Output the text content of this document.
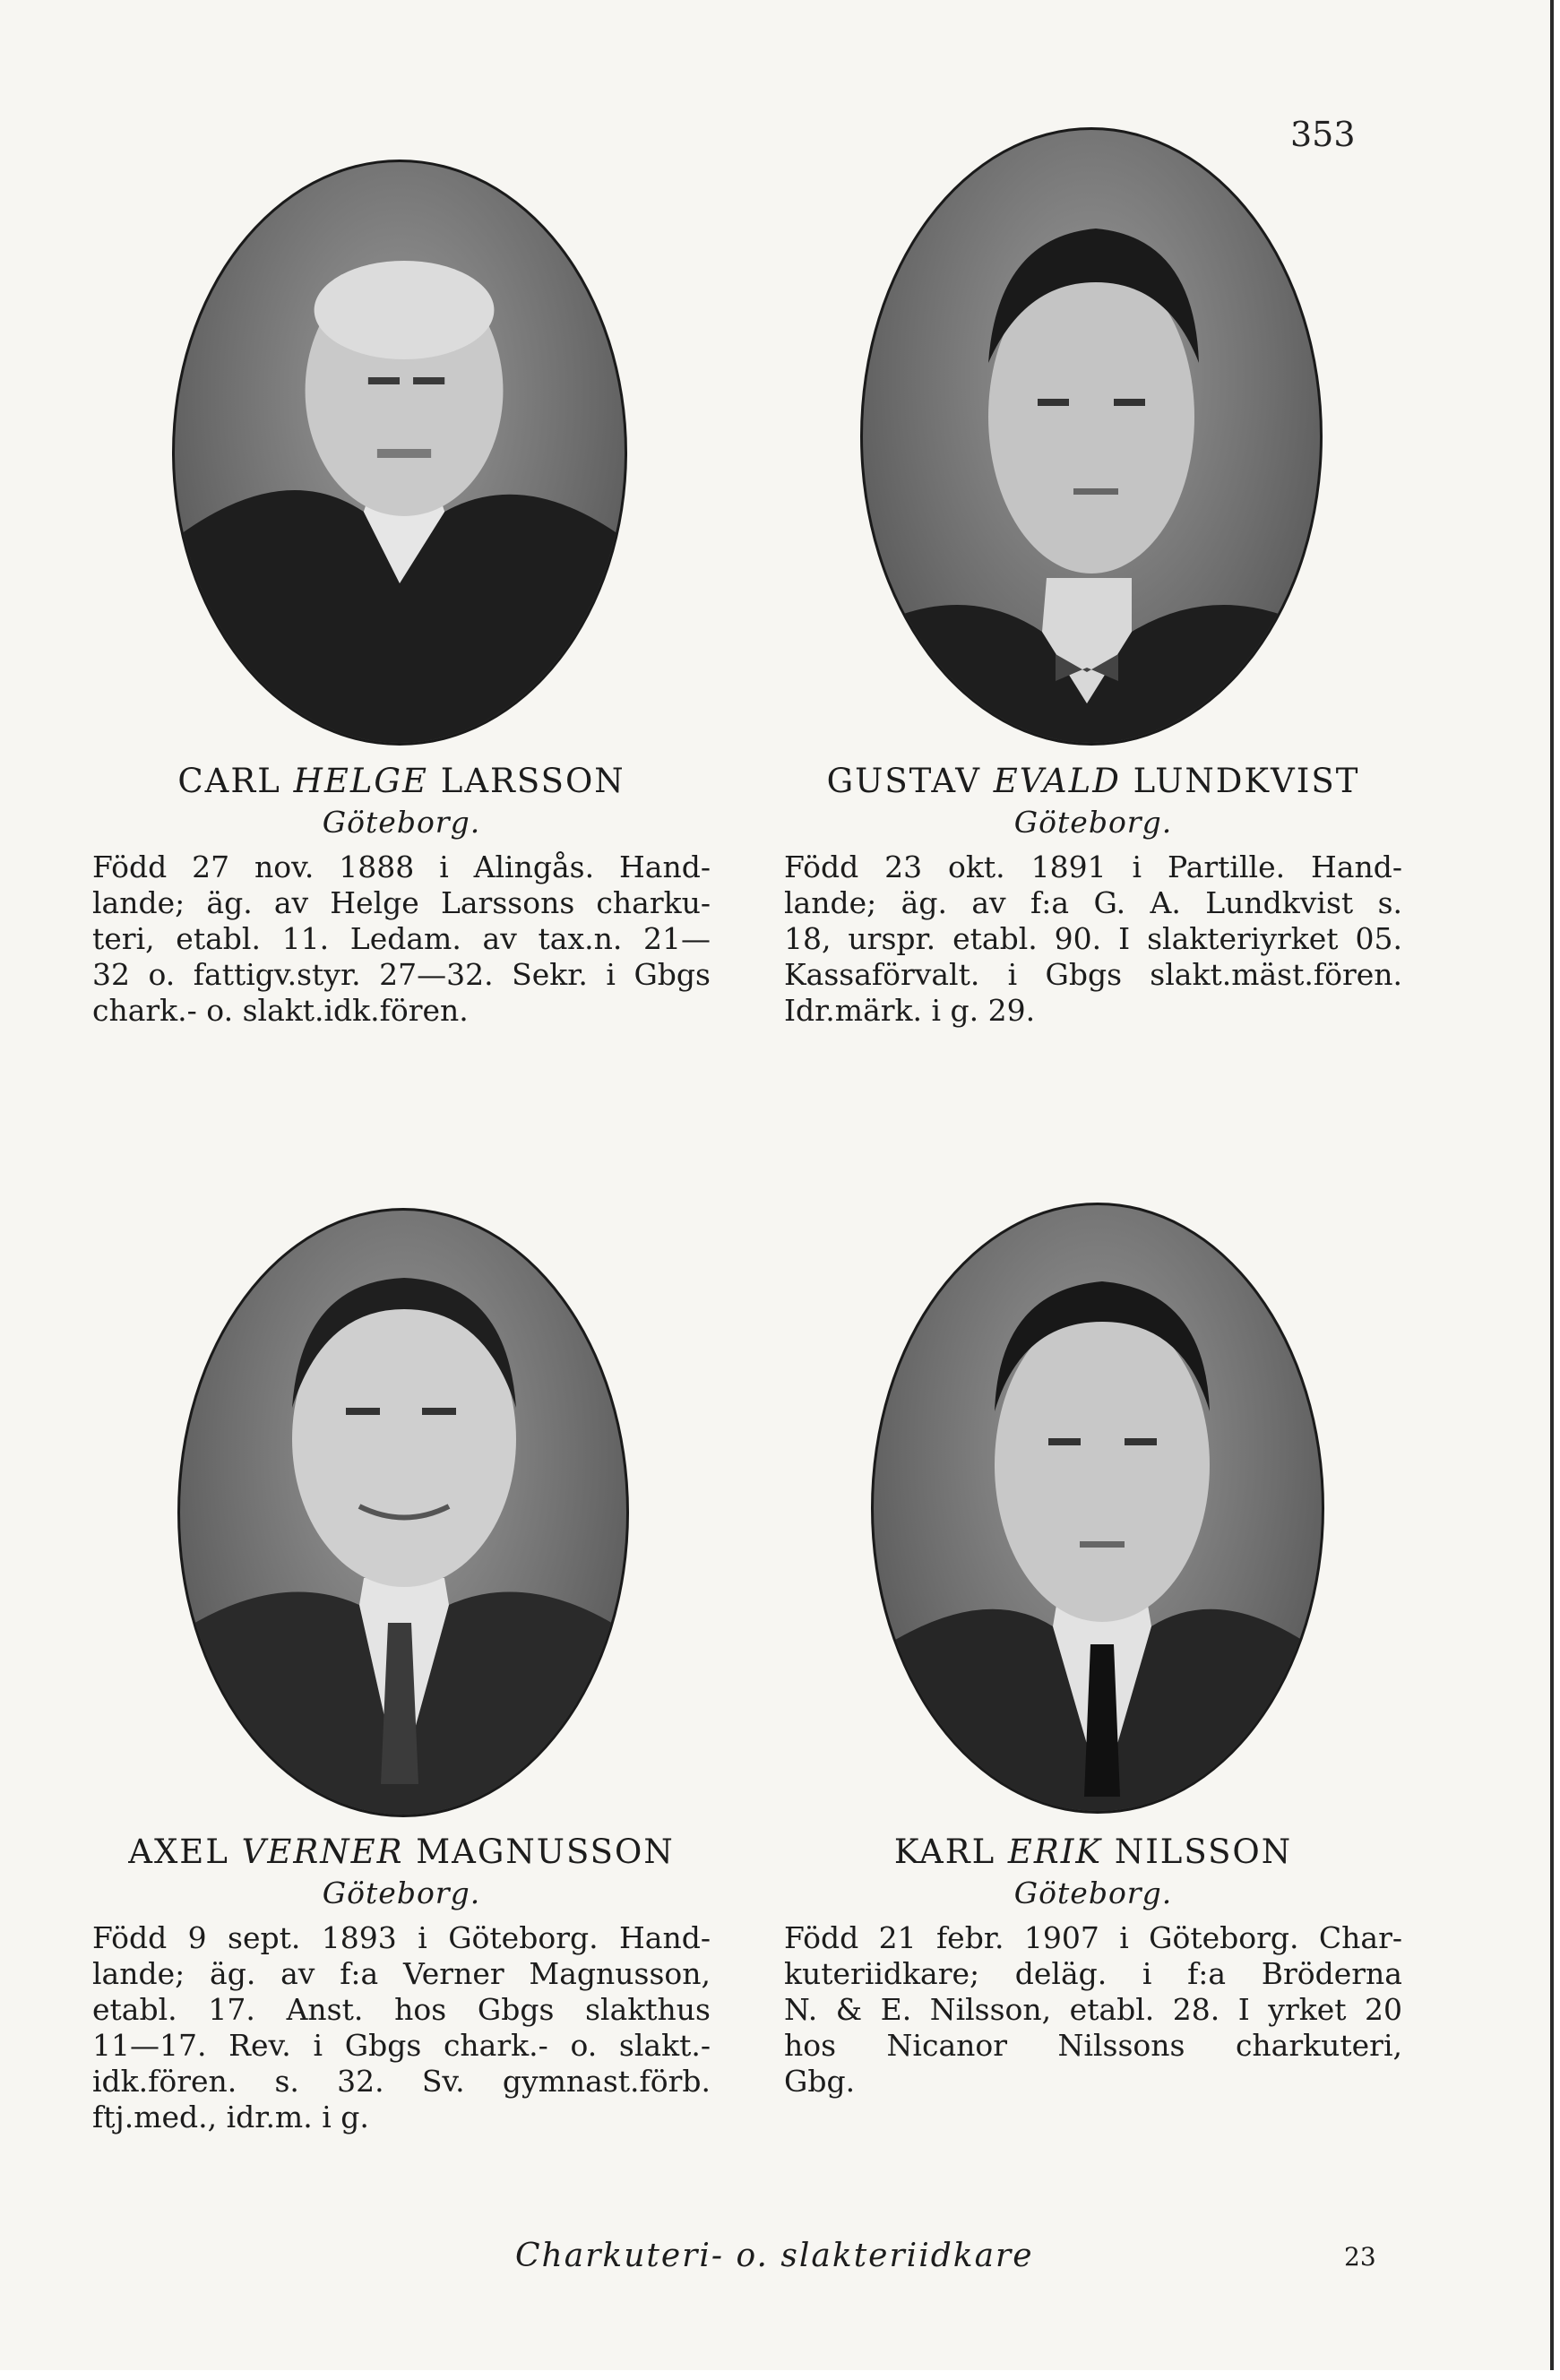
353
CARL HELGE LARSSON
Göteborg.
Född 27 nov. 1888 i Alingås. Hand-
lande; äg. av Helge Larssons charku-
teri, etabl. 11. Ledam. av tax.n. 21—
32 o. fattigv.styr. 27—32. Sekr. i Gbgs
chark.- o. slakt.idk.fören.
GUSTAV EVALD LUNDKVIST
Göteborg.
Född 23 okt. 1891 i Partille. Hand-
lande; äg. av f:a G. A. Lundkvist s.
18, urspr. etabl. 90. I slakteriyrket 05.
Kassaförvalt. i Gbgs slakt.mäst.fören.
Idr.märk. i g. 29.
AXEL VERNER MAGNUSSON
Göteborg.
Född 9 sept. 1893 i Göteborg. Hand-
lande; äg. av f:a Verner Magnusson,
etabl. 17. Anst. hos Gbgs slakthus
11—17. Rev. i Gbgs chark.- o. slakt.-
idk.fören. s. 32. Sv. gymnast.förb.
ftj.med., idr.m. i g.
KARL ERIK NILSSON
Göteborg.
Född 21 febr. 1907 i Göteborg. Char-
kuteriidkare; deläg. i f:a Bröderna
N. & E. Nilsson, etabl. 28. I yrket 20
hos Nicanor Nilssons charkuteri,
Gbg.
Charkuteri- o. slakteriidkare	23
